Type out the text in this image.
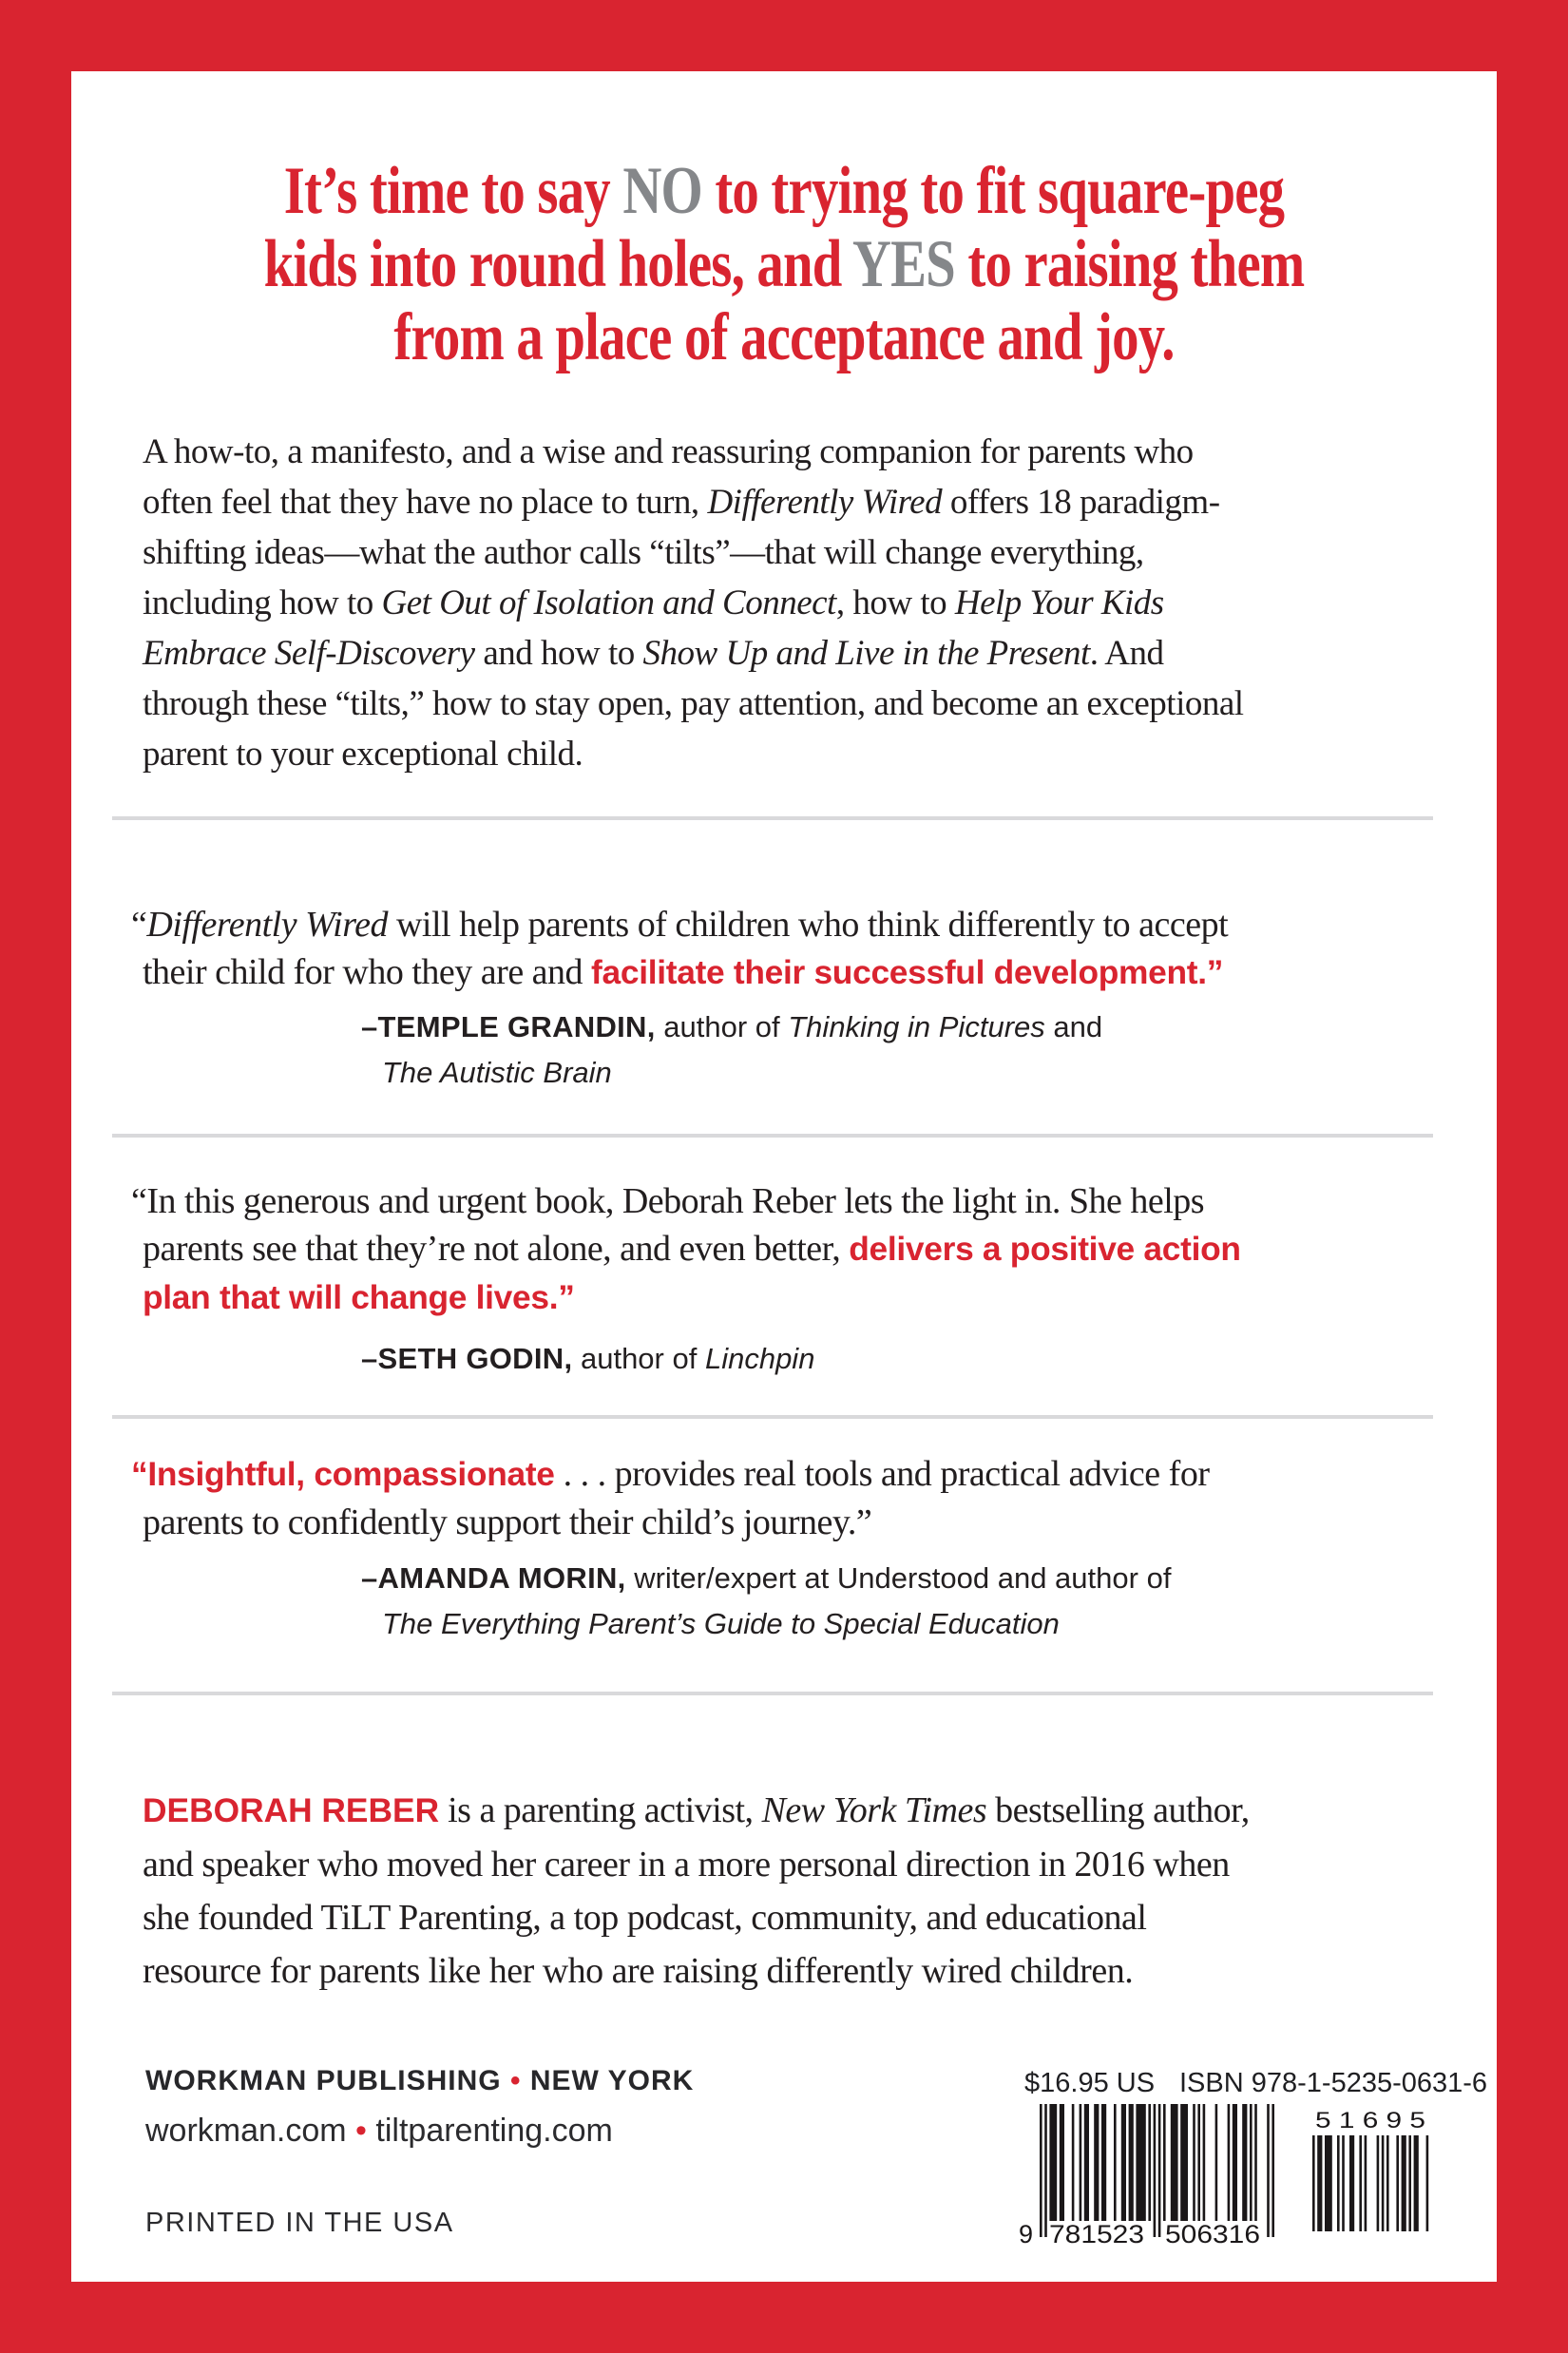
It’s time to say NO to trying to fit square-peg
kids into round holes, and YES to raising them
from a place of acceptance and joy.
A how-to, a manifesto, and a wise and reassuring companion for parents who
often feel that they have no place to turn, Differently Wired offers 18 paradigm-
shifting ideas—what the author calls “tilts”—that will change everything,
including how to Get Out of Isolation and Connect, how to Help Your Kids
Embrace Self-Discovery and how to Show Up and Live in the Present. And
through these “tilts,” how to stay open, pay attention, and become an exceptional
parent to your exceptional child.
“Differently Wired will help parents of children who think differently to accept
their child for who they are and facilitate their successful development.”
–TEMPLE GRANDIN, author of Thinking in Pictures and
The Autistic Brain
“In this generous and urgent book, Deborah Reber lets the light in. She helps
parents see that they’re not alone, and even better, delivers a positive action
plan that will change lives.”
–SETH GODIN, author of Linchpin
“Insightful, compassionate . . . provides real tools and practical advice for
parents to confidently support their child’s journey.”
–AMANDA MORIN, writer/expert at Understood and author of
The Everything Parent’s Guide to Special Education
DEBORAH REBER is a parenting activist, New York Times bestselling author,
and speaker who moved her career in a more personal direction in 2016 when
she founded TiLT Parenting, a top podcast, community, and educational
resource for parents like her who are raising differently wired children.
WORKMAN PUBLISHING • NEW YORK
workman.com • tiltparenting.com
PRINTED IN THE USA
$16.95 US ISBN 978-1-5235-0631-6
9 781523 506316
5 1 6 9 5
